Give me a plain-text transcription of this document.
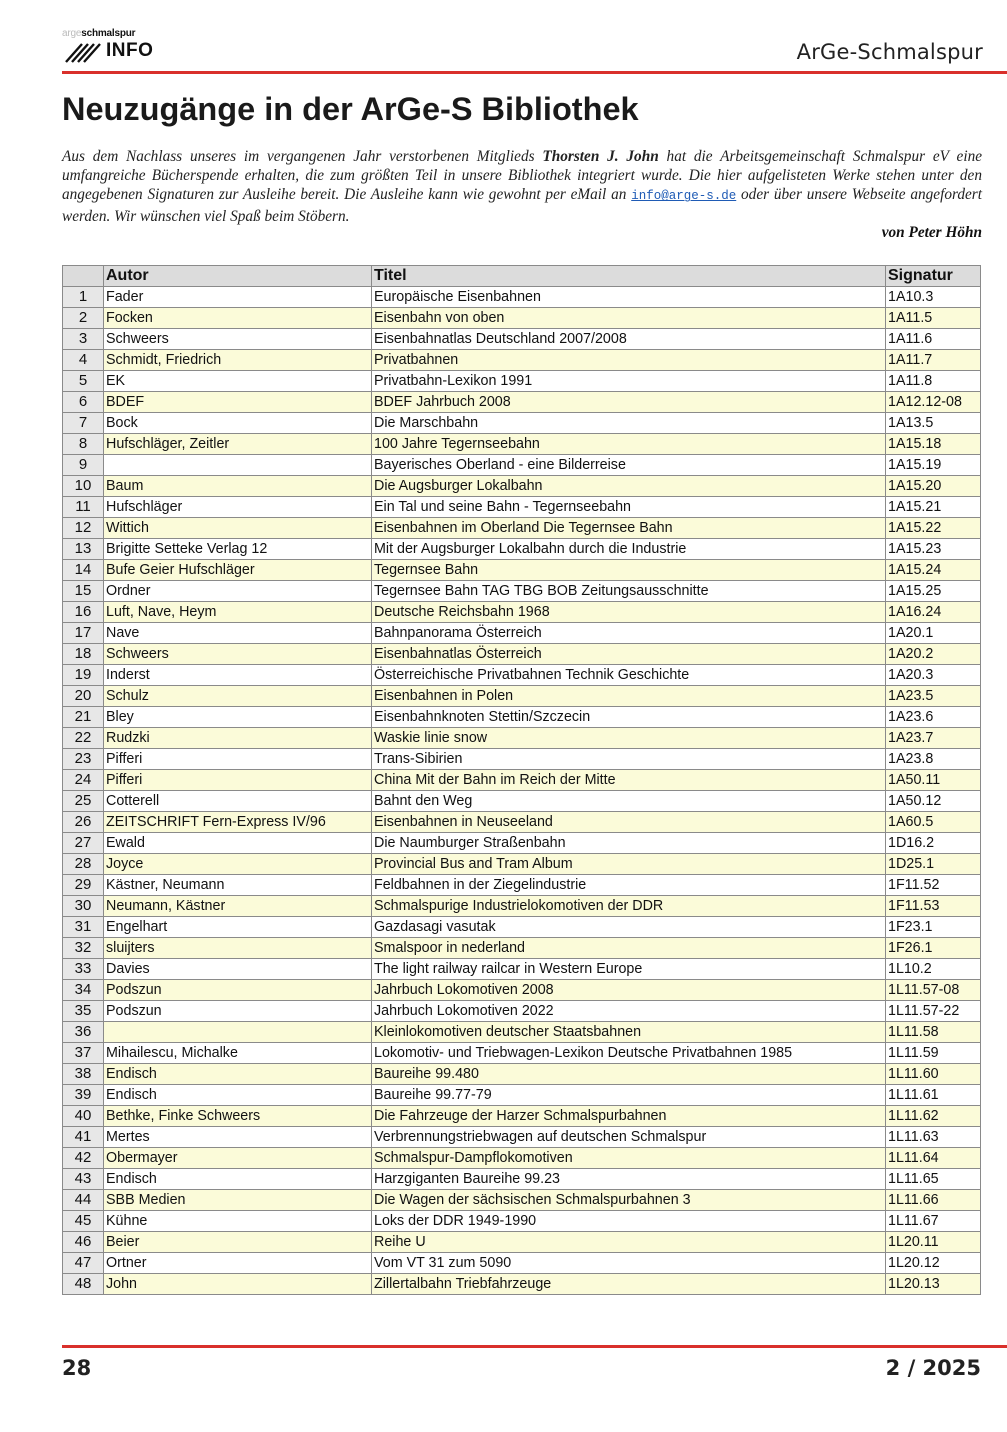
argeschmalspur
INFO	ArGe-Schmalspur
Neuzugänge in der ArGe-S Bibliothek

Aus dem Nachlass unseres im vergangenen Jahr verstorbenen Mitglieds Thorsten J. John hat die Arbeitsgemeinschaft Schmalspur eV eine umfangreiche Bücherspende erhalten, die zum größten Teil in unsere Bibliothek integriert wurde. Die hier aufgelisteten Werke stehen unter den angegebenen Signaturen zur Ausleihe bereit. Die Ausleihe kann wie gewohnt per eMail an info@arge-s.de oder über unsere Webseite angefordert werden. Wir wünschen viel Spaß beim Stöbern.

von Peter Höhn
	Autor	Titel	Signatur
1	Fader	Europäische Eisenbahnen	1A10.3
2	Focken	Eisenbahn von oben	1A11.5
3	Schweers	Eisenbahnatlas Deutschland 2007/2008	1A11.6
4	Schmidt, Friedrich	Privatbahnen	1A11.7
5	EK	Privatbahn-Lexikon 1991	1A11.8
6	BDEF	BDEF Jahrbuch 2008	1A12.12-08
7	Bock	Die Marschbahn	1A13.5
8	Hufschläger, Zeitler	100 Jahre Tegernseebahn	1A15.18
9		Bayerisches Oberland - eine Bilderreise	1A15.19
10	Baum	Die Augsburger Lokalbahn	1A15.20
11	Hufschläger	Ein Tal und seine Bahn - Tegernseebahn	1A15.21
12	Wittich	Eisenbahnen im Oberland Die Tegernsee Bahn	1A15.22
13	Brigitte Setteke Verlag 12	Mit der Augsburger Lokalbahn durch die Industrie	1A15.23
14	Bufe Geier Hufschläger	Tegernsee Bahn	1A15.24
15	Ordner	Tegernsee Bahn TAG TBG BOB Zeitungsausschnitte	1A15.25
16	Luft, Nave, Heym	Deutsche Reichsbahn 1968	1A16.24
17	Nave	Bahnpanorama Österreich	1A20.1
18	Schweers	Eisenbahnatlas Österreich	1A20.2
19	Inderst	Österreichische Privatbahnen Technik Geschichte	1A20.3
20	Schulz	Eisenbahnen in Polen	1A23.5
21	Bley	Eisenbahnknoten Stettin/Szczecin	1A23.6
22	Rudzki	Waskie linie snow	1A23.7
23	Pifferi	Trans-Sibirien	1A23.8
24	Pifferi	China Mit der Bahn im Reich der Mitte	1A50.11
25	Cotterell	Bahnt den Weg	1A50.12
26	ZEITSCHRIFT Fern-Express IV/96	Eisenbahnen in Neuseeland	1A60.5
27	Ewald	Die Naumburger Straßenbahn	1D16.2
28	Joyce	Provincial Bus and Tram Album	1D25.1
29	Kästner, Neumann	Feldbahnen in der Ziegelindustrie	1F11.52
30	Neumann, Kästner	Schmalspurige Industrielokomotiven der DDR	1F11.53
31	Engelhart	Gazdasagi vasutak	1F23.1
32	sluijters	Smalspoor in nederland	1F26.1
33	Davies	The light railway railcar in Western Europe	1L10.2
34	Podszun	Jahrbuch Lokomotiven 2008	1L11.57-08
35	Podszun	Jahrbuch Lokomotiven 2022	1L11.57-22
36		Kleinlokomotiven deutscher Staatsbahnen	1L11.58
37	Mihailescu, Michalke	Lokomotiv- und Triebwagen-Lexikon Deutsche Privatbahnen 1985	1L11.59
38	Endisch	Baureihe 99.480	1L11.60
39	Endisch	Baureihe 99.77-79	1L11.61
40	Bethke, Finke Schweers	Die Fahrzeuge der Harzer Schmalspurbahnen	1L11.62
41	Mertes	Verbrennungstriebwagen auf deutschen Schmalspur	1L11.63
42	Obermayer	Schmalspur-Dampflokomotiven	1L11.64
43	Endisch	Harzgiganten Baureihe 99.23	1L11.65
44	SBB Medien	Die Wagen der sächsischen Schmalspurbahnen 3	1L11.66
45	Kühne	Loks der DDR 1949-1990	1L11.67
46	Beier	Reihe U	1L20.11
47	Ortner	Vom VT 31 zum 5090	1L20.12
48	John	Zillertalbahn Triebfahrzeuge	1L20.13
28	2 / 2025
